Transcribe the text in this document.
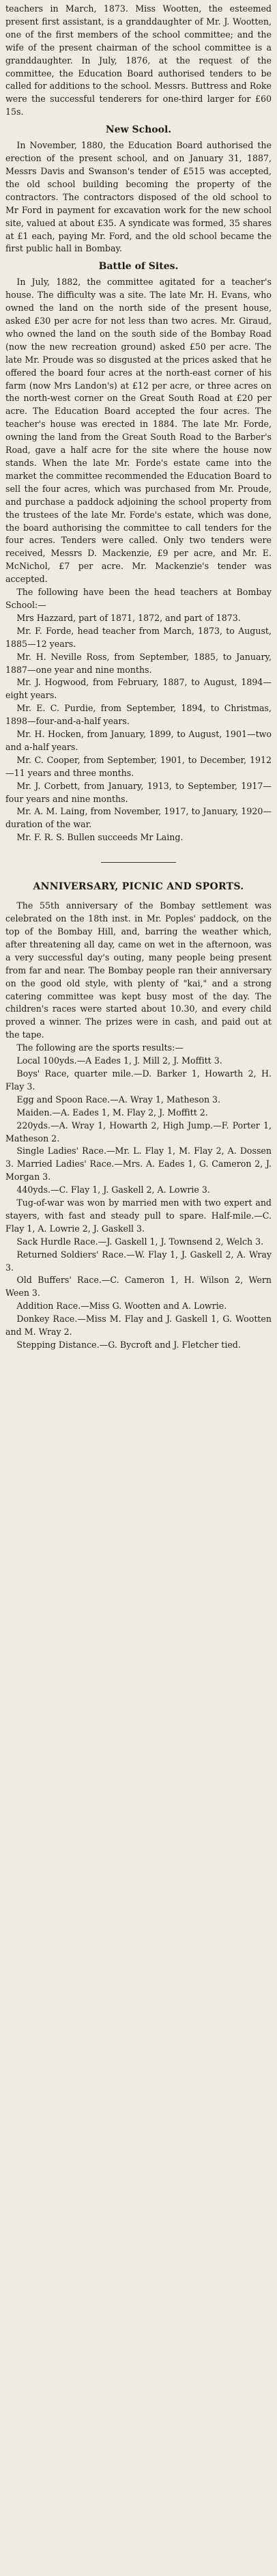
teachers in March, 1873. Miss Wootten, the esteemed present first assistant, is a granddaughter of Mr. J. Wootten, one of the first members of the school committee; and the wife of the present chairman of the school committee is a granddaughter. In July, 1876, at the request of the committee, the Education Board authorised tenders to be called for additions to the school. Messrs. Buttress and Roke were the successful tenderers for one-third larger for £60 15s.

New School.

In November, 1880, the Education Board authorised the erection of the present school, and on January 31, 1887, Messrs Davis and Swanson's tender of £515 was accepted, the old school building becoming the property of the contractors. The contractors disposed of the old school to Mr Ford in payment for excavation work for the new school site, valued at about £35. A syndicate was formed, 35 shares at £1 each, paying Mr. Ford, and the old school became the first public hall in Bombay.

Battle of Sites.

In July, 1882, the committee agitated for a teacher's house. The difficulty was a site. The late Mr. H. Evans, who owned the land on the north side of the present house, asked £30 per acre for not less than two acres. Mr. Giraud, who owned the land on the south side of the Bombay Road (now the new recreation ground) asked £50 per acre. The late Mr. Proude was so disgusted at the prices asked that he offered the board four acres at the north-east corner of his farm (now Mrs Landon's) at £12 per acre, or three acres on the north-west corner on the Great South Road at £20 per acre. The Education Board accepted the four acres. The teacher's house was erected in 1884. The late Mr. Forde, owning the land from the Great South Road to the Barber's Road, gave a half acre for the site where the house now stands. When the late Mr. Forde's estate came into the market the committee recommended the Education Board to sell the four acres, which was purchased from Mr. Proude, and purchase a paddock adjoining the school property from the trustees of the late Mr. Forde's estate, which was done, the board authorising the committee to call tenders for the four acres. Tenders were called. Only two tenders were received, Messrs D. Mackenzie, £9 per acre, and Mr. E. McNichol, £7 per acre. Mr. Mackenzie's tender was accepted.

The following have been the head teachers at Bombay School:—

Mrs Hazzard, part of 1871, 1872, and part of 1873.

Mr. F. Forde, head teacher from March, 1873, to August, 1885—12 years.

Mr. H. Neville Ross, from September, 1885, to January, 1887—one year and nine months.

Mr. J. Hogwood, from February, 1887, to August, 1894—eight years.

Mr. E. C. Purdie, from September, 1894, to Christmas, 1898—four-and-a-half years.

Mr. H. Hocken, from January, 1899, to August, 1901—two and a-half years.

Mr. C. Cooper, from September, 1901, to December, 1912—11 years and three months.

Mr. J. Corbett, from January, 1913, to September, 1917—four years and nine months.

Mr. A. M. Laing, from November, 1917, to January, 1920—duration of the war.

Mr. F. R. S. Bullen succeeds Mr Laing.

ANNIVERSARY, PICNIC AND SPORTS.

The 55th anniversary of the Bombay settlement was celebrated on the 18th inst. in Mr. Poples' paddock, on the top of the Bombay Hill, and, barring the weather which, after threatening all day, came on wet in the afternoon, was a very successful day's outing, many people being present from far and near. The Bombay people ran their anniversary on the good old style, with plenty of "kai," and a strong catering committee was kept busy most of the day. The children's races were started about 10.30, and every child proved a winner. The prizes were in cash, and paid out at the tape.

The following are the sports results:—

Local 100yds.—A Eades 1, J. Mill 2, J. Moffitt 3.

Boys' Race, quarter mile.—D. Barker 1, Howarth 2, H. Flay 3.

Egg and Spoon Race.—A. Wray 1, Matheson 3.

Maiden.—A. Eades 1, M. Flay 2, J. Moffitt 2.

220yds.—A. Wray 1, Howarth 2, High Jump.—F. Porter 1, Matheson 2.

Single Ladies' Race.—Mr. L. Flay 1, M. Flay 2, A. Dossen 3. Married Ladies' Race.—Mrs. A. Eades 1, G. Cameron 2, J. Morgan 3.

440yds.—C. Flay 1, J. Gaskell 2, A. Lowrie 3.

Tug-of-war was won by married men with two expert and stayers, with fast and steady pull to spare. Half-mile.—C. Flay 1, A. Lowrie 2, J. Gaskell 3.

Sack Hurdle Race.—J. Gaskell 1, J. Townsend 2, Welch 3.

Returned Soldiers' Race.—W. Flay 1, J. Gaskell 2, A. Wray 3.

Old Buffers' Race.—C. Cameron 1, H. Wilson 2, Wern Ween 3.

Addition Race.—Miss G. Wootten and A. Lowrie.

Donkey Race.—Miss M. Flay and J. Gaskell 1, G. Wootten and M. Wray 2.

Stepping Distance.—G. Bycroft and J. Fletcher tied.
